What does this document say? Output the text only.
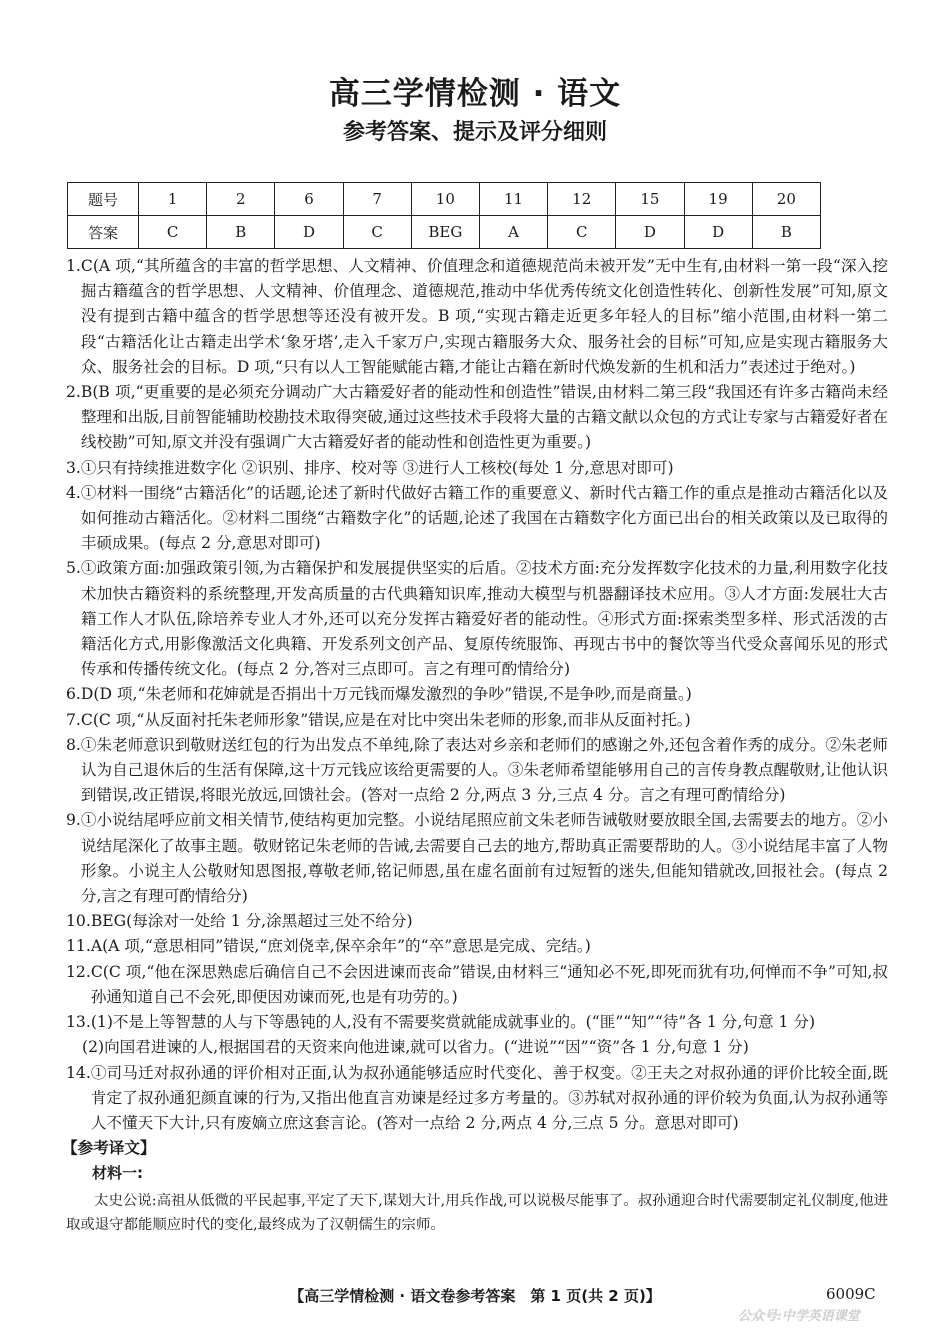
高三学情检测 · 语文
参考答案、提示及评分细则
题号	1	2	6	7	10	11	12	15	19	20
答案	C	B	D	C	BEG	A	C	D	D	B
1. C(A 项,“其所蕴含的丰富的哲学思想、人文精神、价值理念和道德规范尚未被开发”无中生有,由材料一第一段“深入挖掘古籍蕴含的哲学思想、人文精神、价值理念、道德规范,推动中华优秀传统文化创造性转化、创新性发展”可知,原文没有提到古籍中蕴含的哲学思想等还没有被开发。B 项,“实现古籍走近更多年轻人的目标”缩小范围,由材料一第二段“古籍活化让古籍走出学术‘象牙塔’,走入千家万户,实现古籍服务大众、服务社会的目标”可知,应是实现古籍服务大众、服务社会的目标。D 项,“只有以人工智能赋能古籍,才能让古籍在新时代焕发新的生机和活力”表述过于绝对。)
2. B(B 项,“更重要的是必须充分调动广大古籍爱好者的能动性和创造性”错误,由材料二第三段“我国还有许多古籍尚未经整理和出版,目前智能辅助校勘技术取得突破,通过这些技术手段将大量的古籍文献以众包的方式让专家与古籍爱好者在线校勘”可知,原文并没有强调广大古籍爱好者的能动性和创造性更为重要。)
3. ①只有持续推进数字化 ②识别、排序、校对等 ③进行人工核校(每处 1 分,意思对即可)
4. ①材料一围绕“古籍活化”的话题,论述了新时代做好古籍工作的重要意义、新时代古籍工作的重点是推动古籍活化以及如何推动古籍活化。②材料二围绕“古籍数字化”的话题,论述了我国在古籍数字化方面已出台的相关政策以及已取得的丰硕成果。(每点 2 分,意思对即可)
5. ①政策方面:加强政策引领,为古籍保护和发展提供坚实的后盾。②技术方面:充分发挥数字化技术的力量,利用数字化技术加快古籍资料的系统整理,开发高质量的古代典籍知识库,推动大模型与机器翻译技术应用。③人才方面:发展壮大古籍工作人才队伍,除培养专业人才外,还可以充分发挥古籍爱好者的能动性。④形式方面:探索类型多样、形式活泼的古籍活化方式,用影像激活文化典籍、开发系列文创产品、复原传统服饰、再现古书中的餐饮等当代受众喜闻乐见的形式传承和传播传统文化。(每点 2 分,答对三点即可。言之有理可酌情给分)
6. D(D 项,“朱老师和花婶就是否捐出十万元钱而爆发激烈的争吵”错误,不是争吵,而是商量。)
7. C(C 项,“从反面衬托朱老师形象”错误,应是在对比中突出朱老师的形象,而非从反面衬托。)
8. ①朱老师意识到敬财送红包的行为出发点不单纯,除了表达对乡亲和老师们的感谢之外,还包含着作秀的成分。②朱老师认为自己退休后的生活有保障,这十万元钱应该给更需要的人。③朱老师希望能够用自己的言传身教点醒敬财,让他认识到错误,改正错误,将眼光放远,回馈社会。(答对一点给 2 分,两点 3 分,三点 4 分。言之有理可酌情给分)
9. ①小说结尾呼应前文相关情节,使结构更加完整。小说结尾照应前文朱老师告诫敬财要放眼全国,去需要去的地方。②小说结尾深化了故事主题。敬财铭记朱老师的告诫,去需要自己去的地方,帮助真正需要帮助的人。③小说结尾丰富了人物形象。小说主人公敬财知恩图报,尊敬老师,铭记师恩,虽在虚名面前有过短暂的迷失,但能知错就改,回报社会。(每点 2 分,言之有理可酌情给分)
10. BEG(每涂对一处给 1 分,涂黑超过三处不给分)
11. A(A 项,“意思相同”错误,“庶刘侥幸,保卒余年”的“卒”意思是完成、完结。)
12. C(C 项,“他在深思熟虑后确信自己不会因进谏而丧命”错误,由材料三“通知必不死,即死而犹有功,何惮而不争”可知,叔孙通知道自己不会死,即便因劝谏而死,也是有功劳的。)
13. (1)不是上等智慧的人与下等愚钝的人,没有不需要奖赏就能成就事业的。(“匪”“知”“待”各 1 分,句意 1 分)
(2)向国君进谏的人,根据国君的天资来向他进谏,就可以省力。(“进说”“因”“资”各 1 分,句意 1 分)
14. ①司马迁对叔孙通的评价相对正面,认为叔孙通能够适应时代变化、善于权变。②王夫之对叔孙通的评价比较全面,既肯定了叔孙通犯颜直谏的行为,又指出他直言劝谏是经过多方考量的。③苏轼对叔孙通的评价较为负面,认为叔孙通等人不懂天下大计,只有废嫡立庶这套言论。(答对一点给 2 分,两点 4 分,三点 5 分。意思对即可)
【参考译文】
材料一:
太史公说:高祖从低微的平民起事,平定了天下,谋划大计,用兵作战,可以说极尽能事了。叔孙通迎合时代需要制定礼仪制度,他进取或退守都能顺应时代的变化,最终成为了汉朝儒生的宗师。
【高三学情检测 · 语文卷参考答案　第 1 页(共 2 页)】	6009C
公众号:中学英语课堂
